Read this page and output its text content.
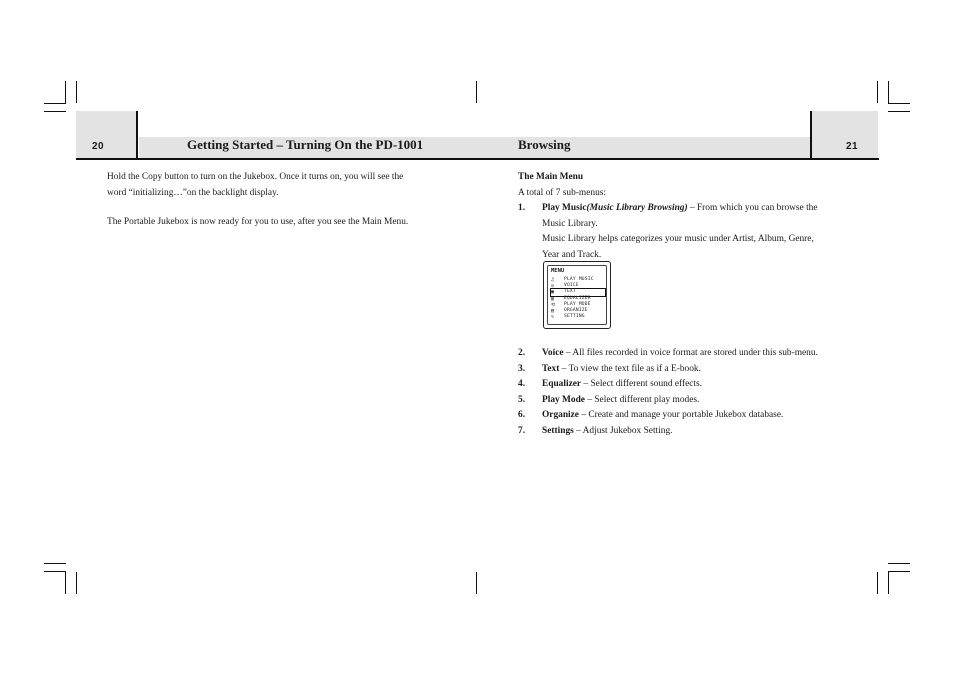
20	Getting Started – Turning On the PD-1001	Browsing	21

Hold the Copy button to turn on the Jukebox. Once it turns on, you will see the

word “initializing…”on the backlight display.

The Portable Jukebox is now ready for you to use, after you see the Main Menu.

The Main Menu

A total of 7 sub-menus:

1. Play Music(Music Library Browsing) – From which you can browse the
Music Library.
Music Library helps categorizes your music under Artist, Album, Genre,
Year and Track.
MENU
♫	PLAY MUSIC
◎	VOICE
▣	TEXT
▥	EQUALIZER
⟲	PLAY MODE
▤	ORGANIZE
✎	SETTING
2. Voice – All files recorded in voice format are stored under this sub-menu.
3. Text – To view the text file as if a E-book.
4. Equalizer – Select different sound effects.
5. Play Mode – Select different play modes.
6. Organize – Create and manage your portable Jukebox database.
7. Settings – Adjust Jukebox Setting.
